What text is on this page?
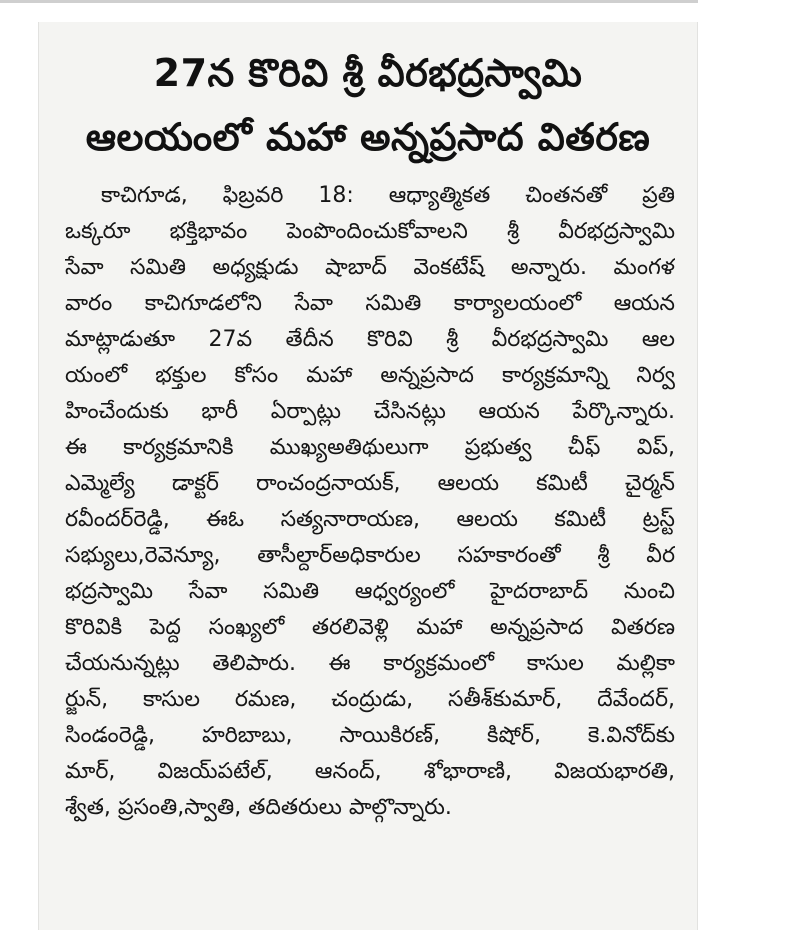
27న కొరివి శ్రీ వీరభద్రస్వామి
ఆలయంలో మహా అన్నప్రసాద వితరణ
కాచిగూడ, ఫిబ్రవరి 18: ఆధ్యాత్మికత చింతనతో ప్రతి
ఒక్కరూ భక్తిభావం పెంపొందించుకోవాలని శ్రీ వీరభద్రస్వామి
సేవా సమితి అధ్యక్షుడు షాబాద్ వెంకటేష్ అన్నారు. మంగళ
వారం కాచిగూడలోని సేవా సమితి కార్యాలయంలో ఆయన
మాట్లాడుతూ 27వ తేదీన కొరివి శ్రీ వీరభద్రస్వామి ఆల
యంలో భక్తుల కోసం మహా అన్నప్రసాద కార్యక్రమాన్ని నిర్వ
హించేందుకు భారీ ఏర్పాట్లు చేసినట్లు ఆయన పేర్కొన్నారు.
ఈ కార్యక్రమానికి ముఖ్యఅతిథులుగా ప్రభుత్వ చీఫ్ విప్,
ఎమ్మెల్యే డాక్టర్ రాంచంద్రనాయక్, ఆలయ కమిటీ చైర్మన్
రవీందర్‌రెడ్డి, ఈఓ సత్యనారాయణ, ఆలయ కమిటీ ట్రస్ట్
సభ్యులు,రెవెన్యూ, తాసీల్దార్అధికారుల సహకారంతో శ్రీ వీర
భద్రస్వామి సేవా సమితి ఆధ్వర్యంలో హైదరాబాద్ నుంచి
కొరివికి పెద్ద సంఖ్యలో తరలివెళ్లి మహా అన్నప్రసాద వితరణ
చేయనున్నట్లు తెలిపారు. ఈ కార్యక్రమంలో కాసుల మల్లికా
ర్జున్, కాసుల రమణ, చంద్రుడు, సతీశ్‌కుమార్, దేవేందర్,
సిండంరెడ్డి, హరిబాబు, సాయికిరణ్, కిషోర్, కె.వినోద్‌కు
మార్, విజయ్‌పటేల్, ఆనంద్, శోభారాణి, విజయభారతి,
శ్వేత, ప్రసంతి,స్వాతి, తదితరులు పాల్గొన్నారు.
